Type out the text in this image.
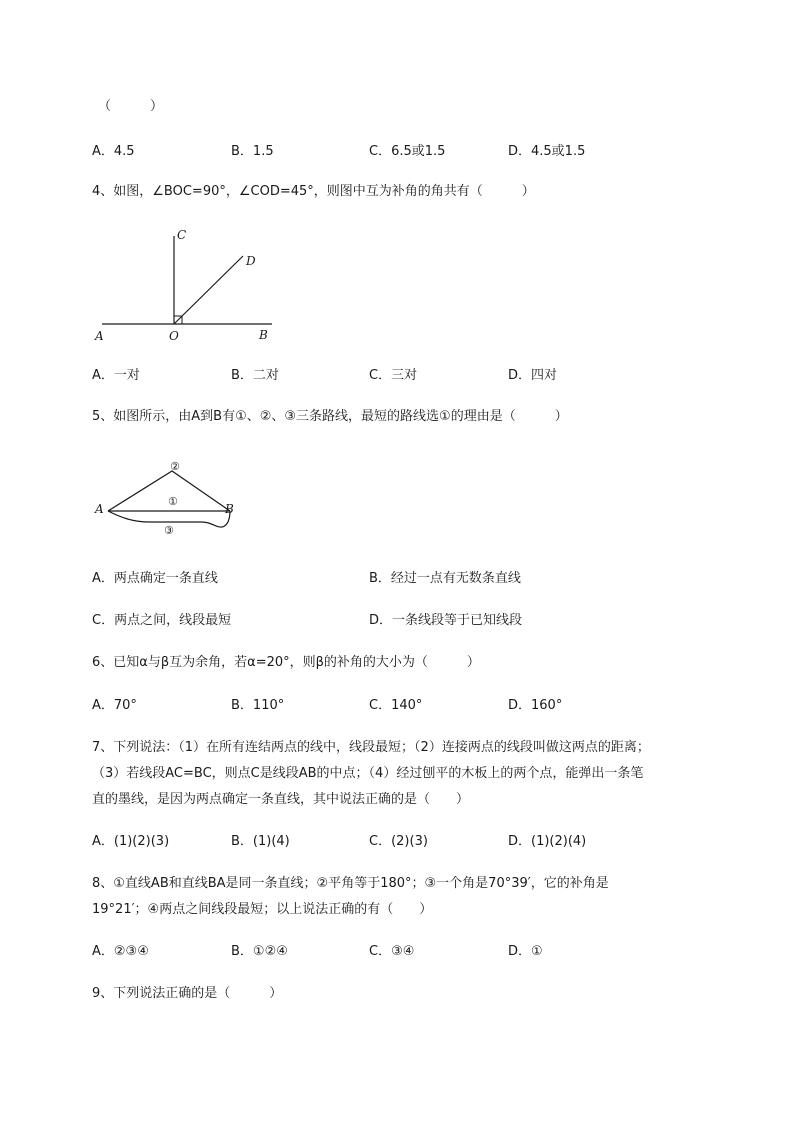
（　　　）
A．4.5	B．1.5	C．6.5或1.5	D．4.5或1.5
4、如图，∠BOC=90°，∠COD=45°，则图中互为补角的角共有（　　　）
A	O	B
C
D
A．一对	B．二对	C．三对	D．四对
5、如图所示，由A到B有①、②、③三条路线，最短的路线选①的理由是（　　　）
A	B
①
②
③
A．两点确定一条直线	B．经过一点有无数条直线
C．两点之间，线段最短	D．一条线段等于已知线段
6、已知α与β互为余角，若α=20°，则β的补角的大小为（　　　）
A．70°	B．110°	C．140°	D．160°
7、下列说法：（1）在所有连结两点的线中，线段最短；（2）连接两点的线段叫做这两点的距离；
（3）若线段AC=BC，则点C是线段AB的中点；（4）经过刨平的木板上的两个点，能弹出一条笔
直的墨线，是因为两点确定一条直线，其中说法正确的是（　　）
A．(1)(2)(3)	B．(1)(4)	C．(2)(3)	D．(1)(2)(4)
8、①直线AB和直线BA是同一条直线；②平角等于180°；③一个角是70°39′，它的补角是
19°21′；④两点之间线段最短；以上说法正确的有（　　）
A．②③④	B．①②④	C．③④	D．①
9、下列说法正确的是（　　　）
